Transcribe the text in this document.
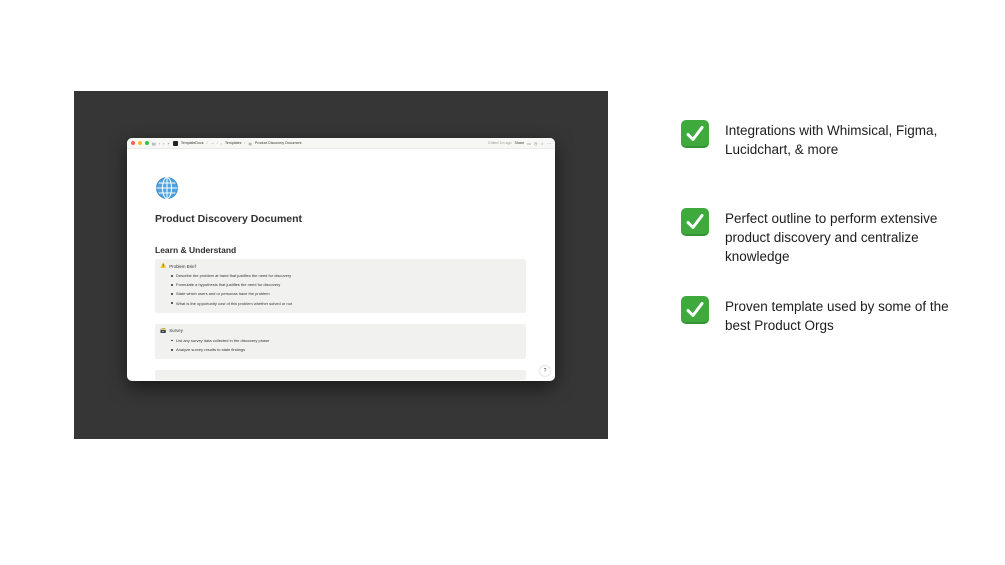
▤ ‹ › +	TemplateDocs / ... / ▫ Templates / ◍ Product Discovery Document	Edited 1m ago Share ▭ ◷ ☆ ···
Product Discovery Document
Learn & Understand
⚠️ Problem Brief
Describe the problem at hand that justifies the need for discovery
Formulate a hypothesis that justifies the need for discovery
State which users and or personas have the problem
What is the opportunity cost of this problem whether solved or not
🗃️ Survey
List any survey data collected in the discovery phase
Analyze survey results to state findings
?
Integrations with Whimsical, Figma, Lucidchart, & more
Perfect outline to perform extensive product discovery and centralize knowledge
Proven template used by some of the best Product Orgs
